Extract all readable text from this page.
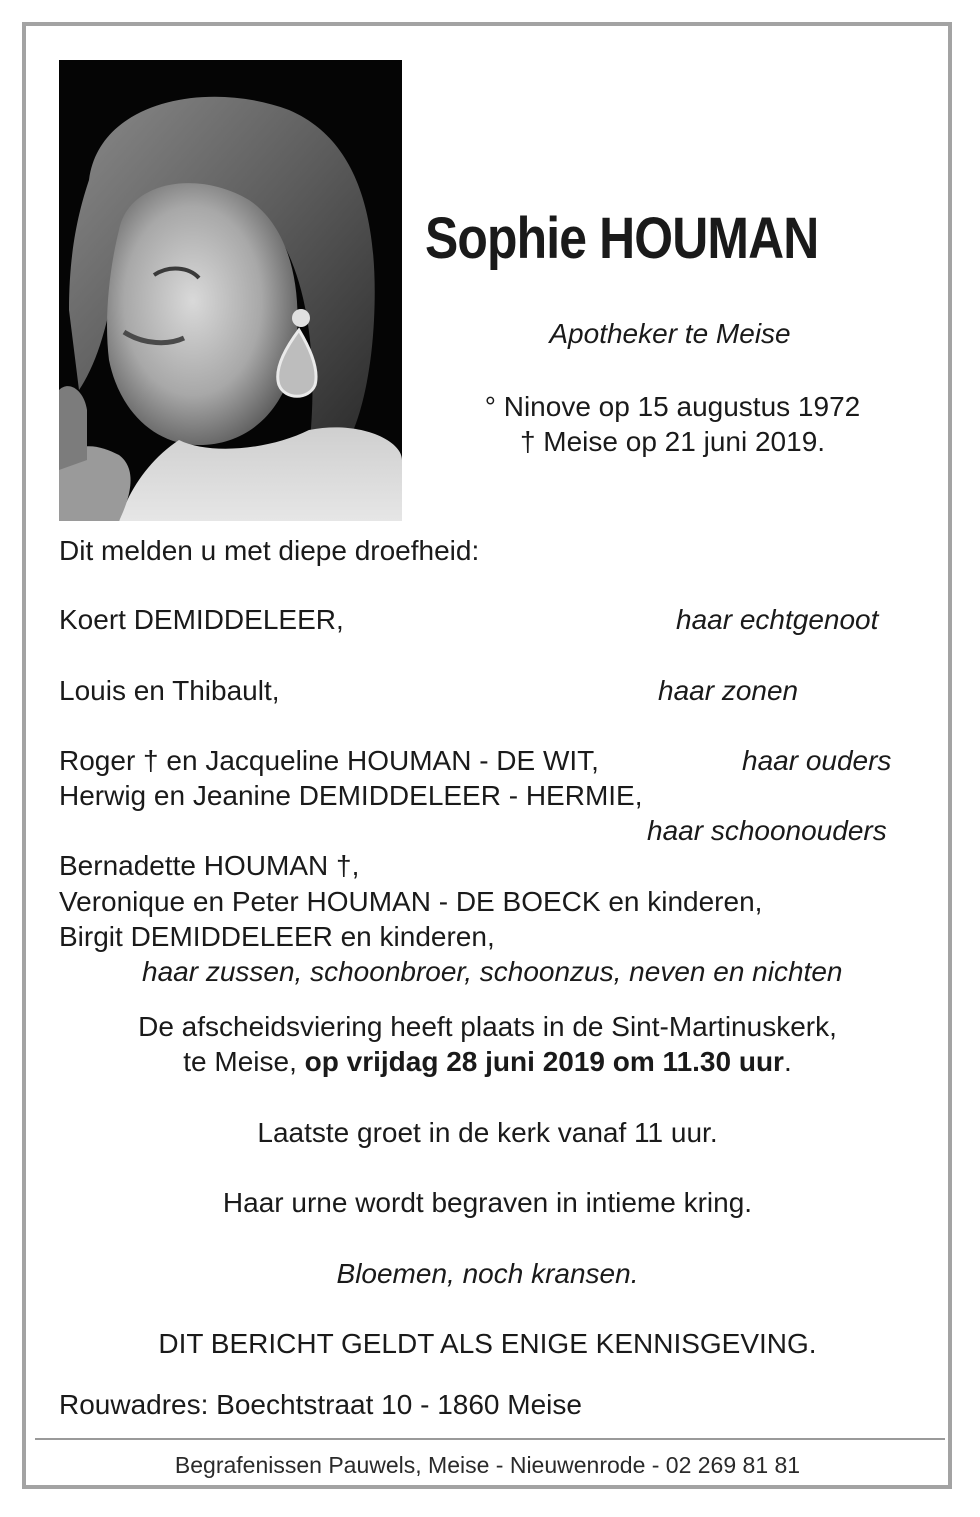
Sophie HOUMAN
Apotheker te Meise
° Ninove op 15 augustus 1972
† Meise op 21 juni 2019.
Dit melden u met diepe droefheid:
Koert DEMIDDELEER,	haar echtgenoot
Louis en Thibault,	haar zonen
Roger † en Jacqueline HOUMAN - DE WIT,	haar ouders
Herwig en Jeanine DEMIDDELEER - HERMIE,
haar schoonouders
Bernadette HOUMAN †,
Veronique en Peter HOUMAN - DE BOECK en kinderen,
Birgit DEMIDDELEER en kinderen,
haar zussen, schoonbroer, schoonzus, neven en nichten
De afscheidsviering heeft plaats in de Sint-Martinuskerk,
te Meise, op vrijdag 28 juni 2019 om 11.30 uur.
Laatste groet in de kerk vanaf 11 uur.
Haar urne wordt begraven in intieme kring.
Bloemen, noch kransen.
DIT BERICHT GELDT ALS ENIGE KENNISGEVING.
Rouwadres: Boechtstraat 10 - 1860 Meise
Begrafenissen Pauwels, Meise - Nieuwenrode - 02 269 81 81
